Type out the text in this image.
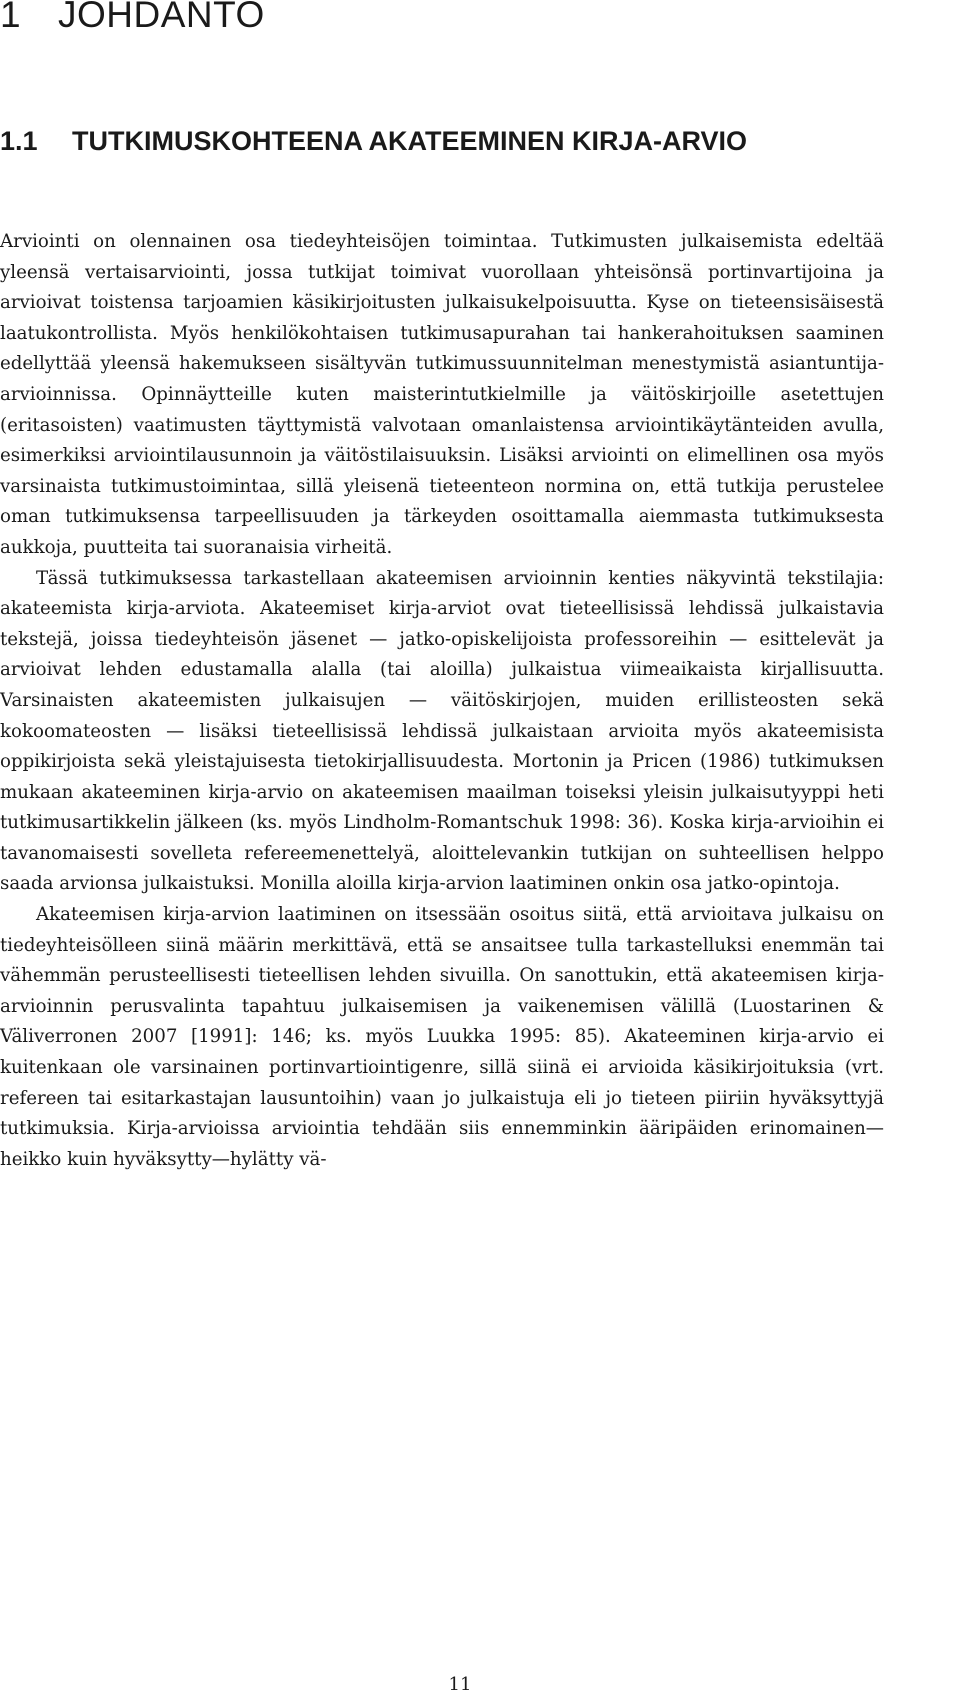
1 JOHDANTO
1.1 TUTKIMUSKOHTEENA AKATEEMINEN KIRJA-ARVIO

Arviointi on olennainen osa tiedeyhteisöjen toimintaa. Tutkimusten julkaisemista edeltää yleensä vertaisarviointi, jossa tutkijat toimivat vuorollaan yhteisönsä portinvartijoina ja arvioivat toistensa tarjoamien käsikirjoitusten julkaisukelpoisuutta. Kyse on tieteensisäisestä laatukontrollista. Myös henkilökohtaisen tutkimusapurahan tai hankerahoituksen saaminen edellyttää yleensä hakemukseen sisältyvän tutkimussuunnitelman menestymistä asiantuntija-arvioinnissa. Opinnäytteille kuten maisterintutkielmille ja väitöskirjoille asetettujen (eritasoisten) vaatimusten täyttymistä valvotaan omanlaistensa arviointikäytänteiden avulla, esimerkiksi arviointilausunnoin ja väitöstilaisuuksin. Lisäksi arviointi on elimellinen osa myös varsinaista tutkimustoimintaa, sillä yleisenä tieteenteon normina on, että tutkija perustelee oman tutkimuksensa tarpeellisuuden ja tärkeyden osoittamalla aiemmasta tutkimuksesta aukkoja, puutteita tai suoranaisia virheitä.

Tässä tutkimuksessa tarkastellaan akateemisen arvioinnin kenties näkyvintä tekstilajia: akateemista kirja-arviota. Akateemiset kirja-arviot ovat tieteellisissä lehdissä julkaistavia tekstejä, joissa tiedeyhteisön jäsenet — jatko-opiskelijoista professoreihin — esittelevät ja arvioivat lehden edustamalla alalla (tai aloilla) julkaistua viimeaikaista kirjallisuutta. Varsinaisten akateemisten julkaisujen — väitöskirjojen, muiden erillisteosten sekä kokoomateosten — lisäksi tieteellisissä lehdissä julkaistaan arvioita myös akateemisista oppikirjoista sekä yleistajuisesta tietokirjallisuudesta. Mortonin ja Pricen (1986) tutkimuksen mukaan akateeminen kirja-arvio on akateemisen maailman toiseksi yleisin julkaisutyyppi heti tutkimusartikkelin jälkeen (ks. myös Lindholm-Romantschuk 1998: 36). Koska kirja-arvioihin ei tavanomaisesti sovelleta refereemenettelyä, aloittelevankin tutkijan on suhteellisen helppo saada arvionsa julkaistuksi. Monilla aloilla kirja-arvion laatiminen onkin osa jatko-opintoja.

Akateemisen kirja-arvion laatiminen on itsessään osoitus siitä, että arvioitava julkaisu on tiedeyhteisölleen siinä määrin merkittävä, että se ansaitsee tulla tarkastelluksi enemmän tai vähemmän perusteellisesti tieteellisen lehden sivuilla. On sanottukin, että akateemisen kirja-arvioinnin perusvalinta tapahtuu julkaisemisen ja vaikenemisen välillä (Luostarinen & Väliverronen 2007 [1991]: 146; ks. myös Luukka 1995: 85). Akateeminen kirja-arvio ei kuitenkaan ole varsinainen portinvartiointigenre, sillä siinä ei arvioida käsikirjoituksia (vrt. refereen tai esitarkastajan lausuntoihin) vaan jo julkaistuja eli jo tieteen piiriin hyväksyttyjä tutkimuksia. Kirja-arvioissa arviointia tehdään siis ennemminkin ääripäiden erinomainen—heikko kuin hyväksytty—hylätty vä-

11
